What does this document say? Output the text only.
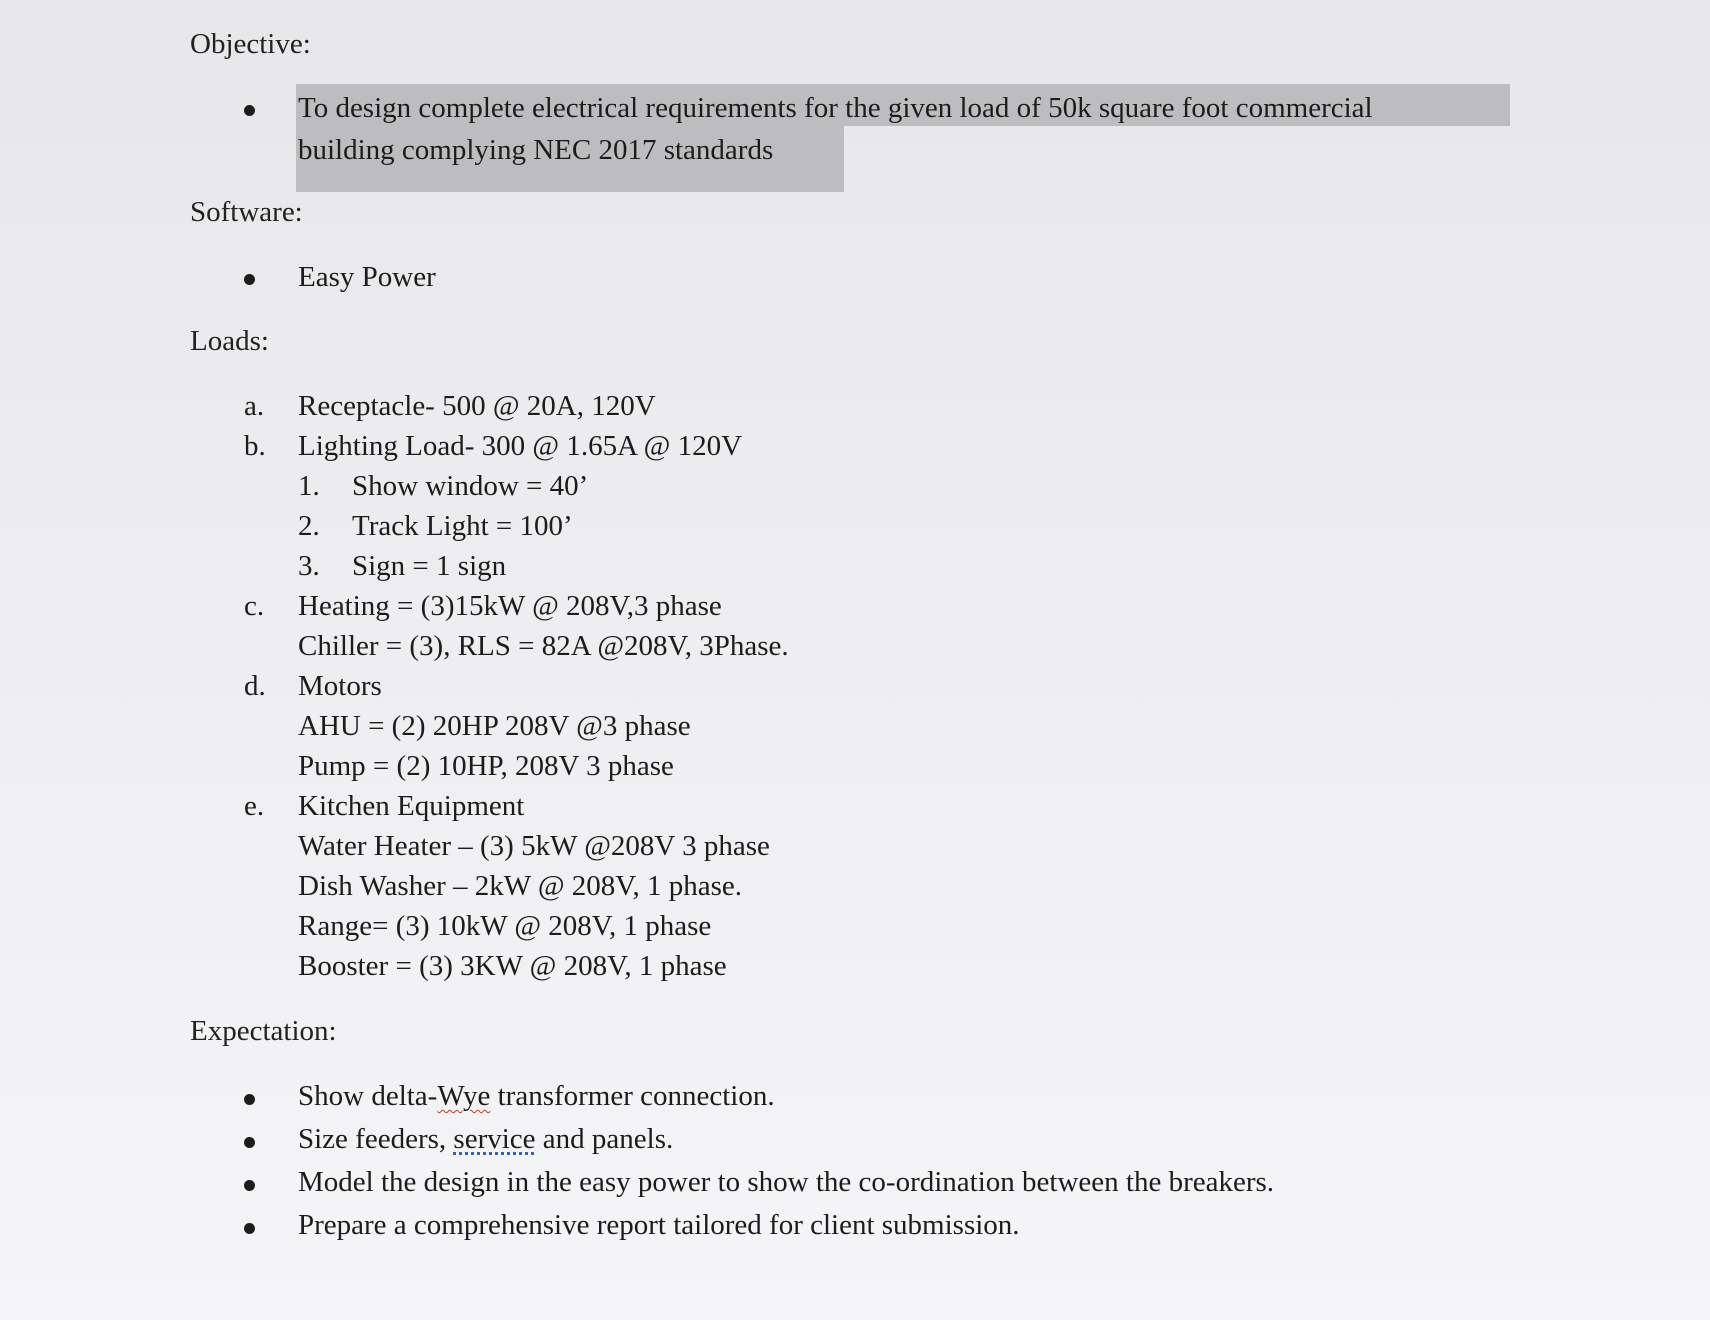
Objective:
To design complete electrical requirements for the given load of 50k square foot commercial
building complying NEC 2017 standards
Software:
Easy Power
Loads:
a. Receptacle- 500 @ 20A, 120V
b. Lighting Load- 300 @ 1.65A @ 120V
1. Show window = 40’
2. Track Light = 100’
3. Sign = 1 sign
c. Heating = (3)15kW @ 208V,3 phase
Chiller = (3), RLS = 82A @208V, 3Phase.
d. Motors
AHU = (2) 20HP 208V @3 phase
Pump = (2) 10HP, 208V 3 phase
e. Kitchen Equipment
Water Heater – (3) 5kW @208V 3 phase
Dish Washer – 2kW @ 208V, 1 phase.
Range= (3) 10kW @ 208V, 1 phase
Booster = (3) 3KW @ 208V, 1 phase
Expectation:
Show delta-Wye transformer connection.
Size feeders, service and panels.
Model the design in the easy power to show the co-ordination between the breakers.
Prepare a comprehensive report tailored for client submission.
